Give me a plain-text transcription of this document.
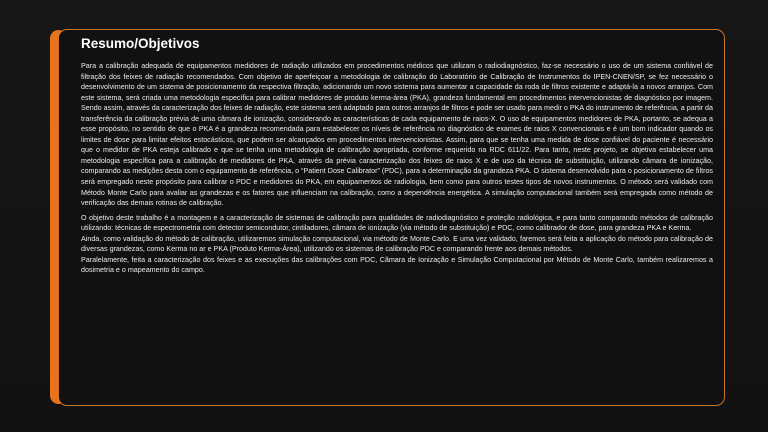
Resumo/Objetivos

Para a calibração adequada de equipamentos medidores de radiação utilizados em procedimentos médicos que utilizam o radiodiagnóstico, faz-se necessário o uso de um sistema confiável de filtração dos feixes de radiação recomendados. Com objetivo de aperfeiçoar a metodologia de calibração do Laboratório de Calibração de Instrumentos do IPEN-CNEN/SP, se fez necessário o desenvolvimento de um sistema de posicionamento da respectiva filtração, adicionando um novo sistema para aumentar a capacidade da roda de filtros existente e adaptá-la a novos arranjos. Com este sistema, será criada uma metodologia específica para calibrar medidores de produto kerma-área (PKA), grandeza fundamental em procedimentos intervencionistas de diagnóstico por imagem. Sendo assim, através da caracterização dos feixes de radiação, este sistema será adaptado para outros arranjos de filtros e pode ser usado para medir o PKA do instrumento de referência, a partir da transferência da calibração prévia de uma câmara de ionização, considerando as características de cada equipamento de raios-X. O uso de equipamentos medidores de PKA, portanto, se adequa a esse propósito, no sentido de que o PKA é a grandeza recomendada para estabelecer os níveis de referência no diagnóstico de exames de raios X convencionais e é um bom indicador quando os limites de dose para limitar efeitos estocásticos, que podem ser alcançados em procedimentos intervencionistas. Assim, para que se tenha uma medida de dose confiável do paciente é necessário que o medidor de PKA esteja calibrado e que se tenha uma metodologia de calibração apropriada, conforme requerido na RDC 611/22. Para tanto, neste projeto, se objetiva estabelecer uma metodologia específica para a calibração de medidores de PKA, através da prévia caracterização dos feixes de raios X e de uso da técnica de substituição, utilizando câmara de ionização, comparando as medições desta com o equipamento de referência, o “Patient Dose Calibrator” (PDC), para a determinação da grandeza PKA. O sistema desenvolvido para o posicionamento de filtros será empregado neste propósito para calibrar o PDC e medidores do PKA, em equipamentos de radiologia, bem como para outros testes tipos de novos instrumentos. O método será validado com Método Monte Carlo para avaliar as grandezas e os fatores que influenciam na calibração, como a dependência energética. A simulação computacional também será empregada como método de verificação das demais rotinas de calibração.

O objetivo deste trabalho é a montagem e a caracterização de sistemas de calibração para qualidades de radiodiagnóstico e proteção radiológica, e para tanto comparando métodos de calibração utilizando: técnicas de espectrometria com detector semicondutor, cintiladores, câmara de ionização (via método de substituição) e PDC, como calibrador de dose, para grandeza PKA e Kerma.

Ainda, como validação do método de calibração, utilizaremos simulação computacional, via método de Monte Carlo. E uma vez validado, faremos será feita a aplicação do método para calibração de diversas grandezas, como Kerma no ar e PKA (Produto Kerma-Área), utilizando os sistemas de calibração PDC e comparando frente aos demais métodos.

Paralelamente, feita a caracterização dos feixes e as execuções das calibrações com PDC, Câmara de Ionização e Simulação Computacional por Método de Monte Carlo, também realizaremos a dosimetria e o mapeamento do campo.
